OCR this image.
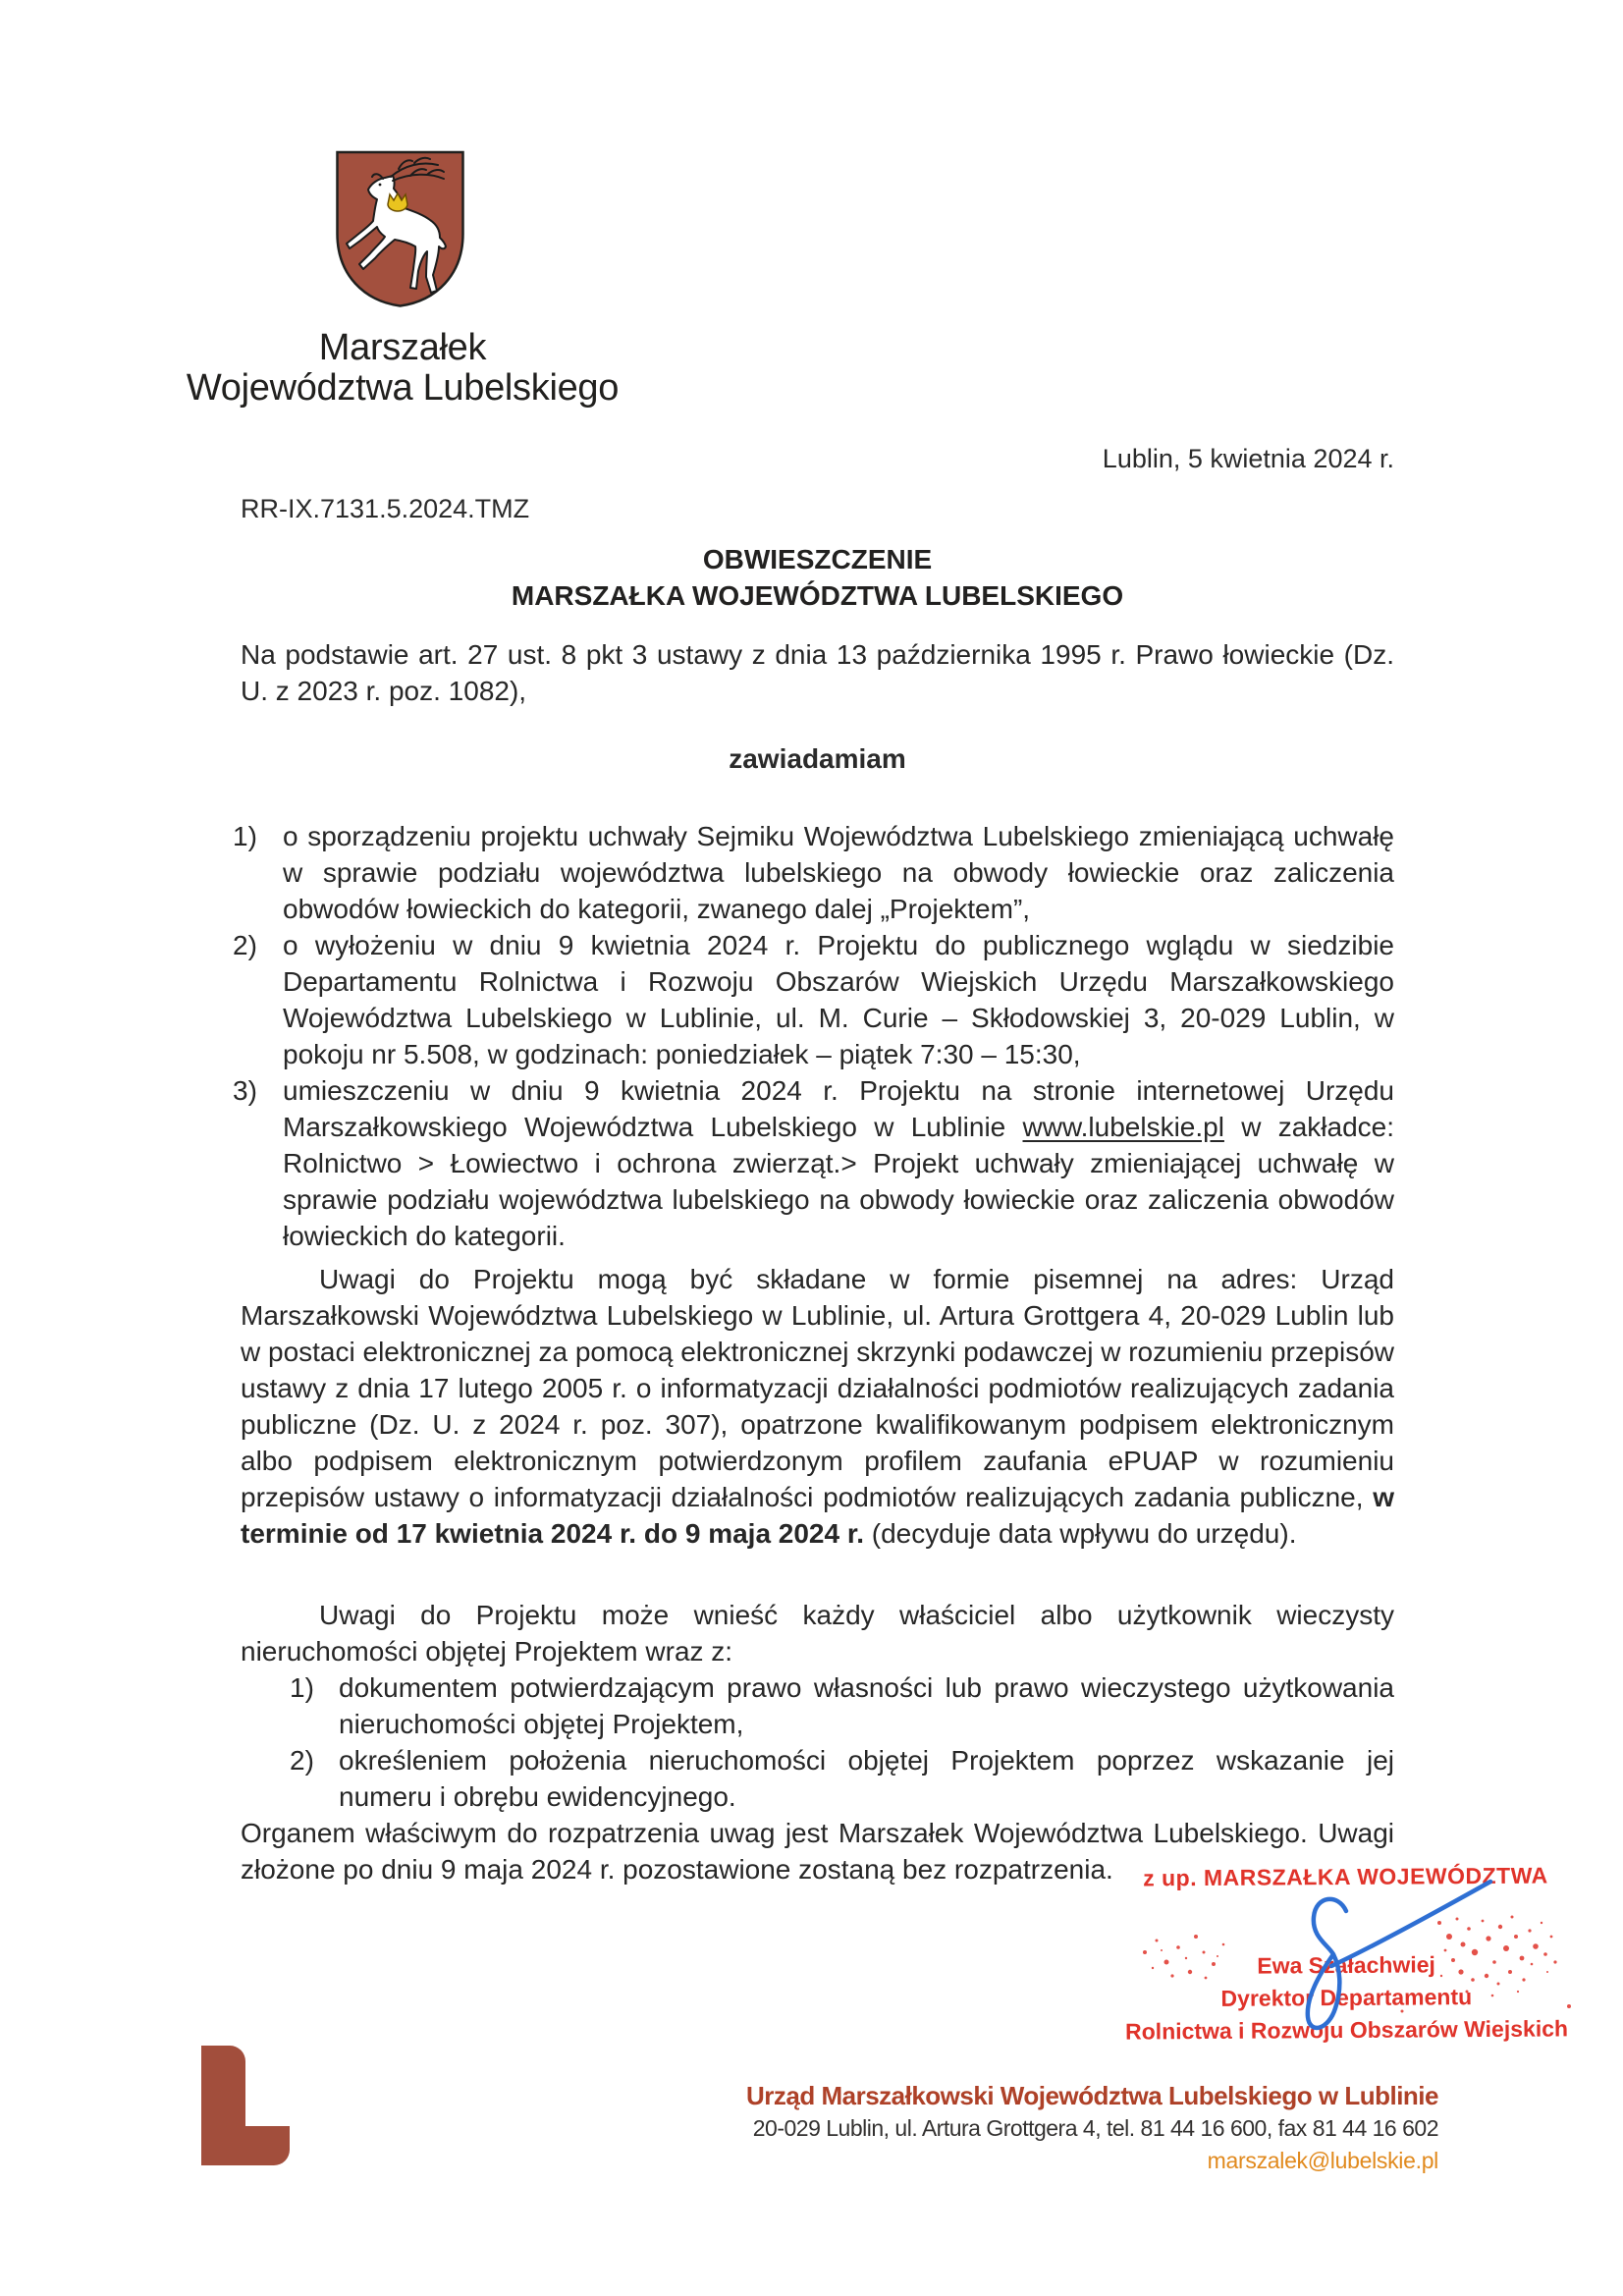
Marszałek
Województwa Lubelskiego
Lublin, 5 kwietnia 2024 r.
RR-IX.7131.5.2024.TMZ
OBWIESZCZENIE
MARSZAŁKA WOJEWÓDZTWA LUBELSKIEGO
Na podstawie art. 27 ust. 8 pkt 3 ustawy z dnia 13 października 1995 r. Prawo łowieckie (Dz. U. z 2023 r. poz. 1082),
zawiadamiam
1) o sporządzeniu projektu uchwały Sejmiku Województwa Lubelskiego zmieniającą uchwałę w sprawie podziału województwa lubelskiego na obwody łowieckie oraz zaliczenia obwodów łowieckich do kategorii, zwanego dalej „Projektem”,
2) o wyłożeniu w dniu 9 kwietnia 2024 r. Projektu do publicznego wglądu w siedzibie Departamentu Rolnictwa i Rozwoju Obszarów Wiejskich Urzędu Marszałkowskiego Województwa Lubelskiego w Lublinie, ul. M. Curie – Skłodowskiej 3, 20-029 Lublin, w pokoju nr 5.508, w godzinach: poniedziałek – piątek 7:30 – 15:30,
3) umieszczeniu w dniu 9 kwietnia 2024 r. Projektu na stronie internetowej Urzędu Marszałkowskiego Województwa Lubelskiego w Lublinie www.lubelskie.pl w zakładce: Rolnictwo > Łowiectwo i ochrona zwierząt.> Projekt uchwały zmieniającej uchwałę w sprawie podziału województwa lubelskiego na obwody łowieckie oraz zaliczenia obwodów łowieckich do kategorii.
Uwagi do Projektu mogą być składane w formie pisemnej na adres: Urząd Marszałkowski Województwa Lubelskiego w Lublinie, ul. Artura Grottgera 4, 20-029 Lublin lub w postaci elektronicznej za pomocą elektronicznej skrzynki podawczej w rozumieniu przepisów ustawy z dnia 17 lutego 2005 r. o informatyzacji działalności podmiotów realizujących zadania publiczne (Dz. U. z 2024 r. poz. 307), opatrzone kwalifikowanym podpisem elektronicznym albo podpisem elektronicznym potwierdzonym profilem zaufania ePUAP w rozumieniu przepisów ustawy o informatyzacji działalności podmiotów realizujących zadania publiczne, w terminie od 17 kwietnia 2024 r. do 9 maja 2024 r. (decyduje data wpływu do urzędu).
Uwagi do Projektu może wnieść każdy właściciel albo użytkownik wieczysty nieruchomości objętej Projektem wraz z:
1) dokumentem potwierdzającym prawo własności lub prawo wieczystego użytkowania nieruchomości objętej Projektem,
2) określeniem położenia nieruchomości objętej Projektem poprzez wskazanie jej numeru i obrębu ewidencyjnego.
Organem właściwym do rozpatrzenia uwag jest Marszałek Województwa Lubelskiego. Uwagi złożone po dniu 9 maja 2024 r. pozostawione zostaną bez rozpatrzenia.	z up. MARSZAŁKA WOJEWÓDZTWA
Ewa Szałachwiej
Dyrektor Departamentu
Rolnictwa i Rozwoju Obszarów Wiejskich
Urząd Marszałkowski Województwa Lubelskiego w Lublinie
20-029 Lublin, ul. Artura Grottgera 4, tel. 81 44 16 600, fax 81 44 16 602
marszalek@lubelskie.pl
